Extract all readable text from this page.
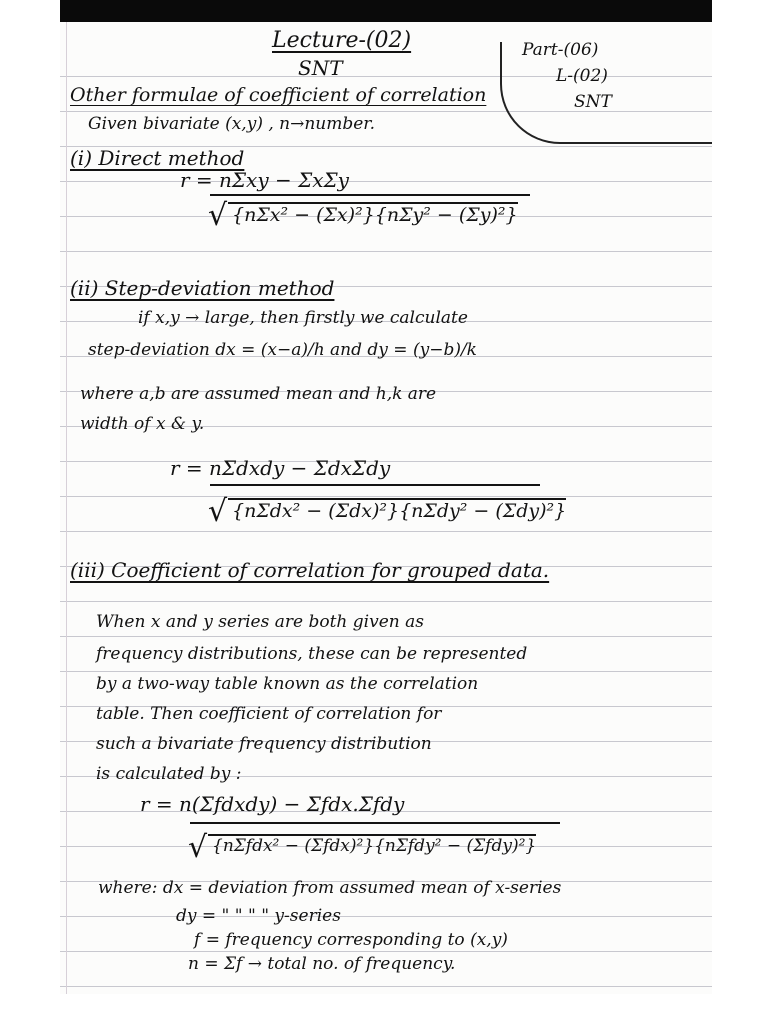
Lecture-(02)
SNT
Part-(06)
L-(02)
SNT
Other formulae of coefficient of correlation
Given bivariate (x,y) , n→number.
(i) Direct method
r = nΣxy − ΣxΣy
√ {nΣx² − (Σx)²}{nΣy² − (Σy)²}
(ii) Step-deviation method
if x,y → large, then firstly we calculate
step-deviation dx = (x−a)/h and dy = (y−b)/k
where a,b are assumed mean and h,k are
width of x & y.
r = nΣdxdy − ΣdxΣdy
√ {nΣdx² − (Σdx)²}{nΣdy² − (Σdy)²}
(iii) Coefficient of correlation for grouped data.
When x and y series are both given as
frequency distributions, these can be represented
by a two-way table known as the correlation
table. Then coefficient of correlation for
such a bivariate frequency distribution
is calculated by :
r = n(Σfdxdy) − Σfdx.Σfdy
√ {nΣfdx² − (Σfdx)²}{nΣfdy² − (Σfdy)²}
where: dx = deviation from assumed mean of x-series
dy = " " " " y-series
f = frequency corresponding to (x,y)
n = Σf → total no. of frequency.
